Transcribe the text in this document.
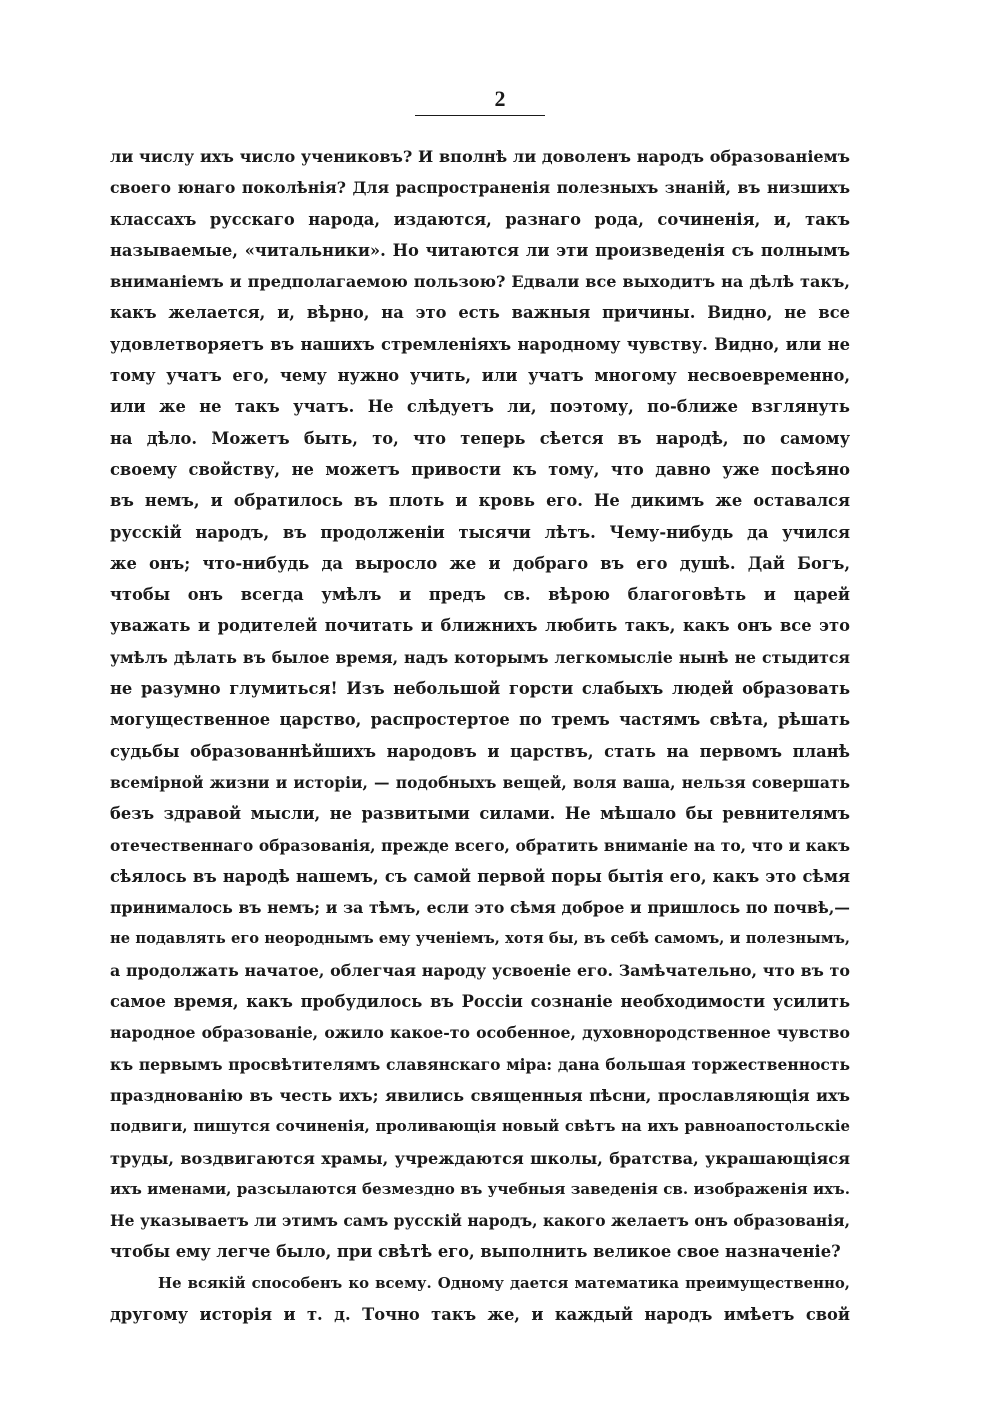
2
ли числу ихъ число учениковъ? И вполнѣ ли доволенъ народъ образованіемъ
своего юнаго поколѣнія? Для распространенія полезныхъ знаній, въ низшихъ
классахъ русскаго народа, издаются, разнаго рода, сочиненія, и, такъ
называемые, «читальники». Но читаются ли эти произведенія съ полнымъ
вниманіемъ и предполагаемою пользою? Едвали все выходитъ на дѣлѣ такъ,
какъ желается, и, вѣрно, на это есть важныя причины. Видно, не все
удовлетворяетъ въ нашихъ стремленіяхъ народному чувству. Видно, или не
тому учатъ его, чему нужно учить, или учатъ многому несвоевременно,
или же не такъ учатъ. Не слѣдуетъ ли, поэтому, по-ближе взглянуть
на дѣло. Можетъ быть, то, что теперь сѣется въ народѣ, по самому
своему свойству, не можетъ привости къ тому, что давно уже посѣяно
въ немъ, и обратилось въ плоть и кровь его. Не дикимъ же оставался
русскій народъ, въ продолженіи тысячи лѣтъ. Чему-нибудь да учился
же онъ; что-нибудь да выросло же и добраго въ его душѣ. Дай Богъ,
чтобы онъ всегда умѣлъ и предъ св. вѣрою благоговѣть и царей
уважать и родителей почитать и ближнихъ любить такъ, какъ онъ все это
умѣлъ дѣлать въ былое время, надъ которымъ легкомысліе нынѣ не стыдится
не разумно глумиться! Изъ небольшой горсти слабыхъ людей образовать
могущественное царство, распростертое по тремъ частямъ свѣта, рѣшать
судьбы образованнѣйшихъ народовъ и царствъ, стать на первомъ планѣ
всемірной жизни и исторіи, — подобныхъ вещей, воля ваша, нельзя совершать
безъ здравой мысли, не развитыми силами. Не мѣшало бы ревнителямъ
отечественнаго образованія, прежде всего, обратить вниманіе на то, что и какъ
сѣялось въ народѣ нашемъ, съ самой первой поры бытія его, какъ это сѣмя
принималось въ немъ; и за тѣмъ, если это сѣмя доброе и пришлось по почвѣ,—
не подавлять его неороднымъ ему ученіемъ, хотя бы, въ себѣ самомъ, и полезнымъ,
а продолжать начатое, облегчая народу усвоеніе его. Замѣчательно, что въ то
самое время, какъ пробудилось въ Россіи сознаніе необходимости усилить
народное образованіе, ожило какое-то особенное, духовнородственное чувство
къ первымъ просвѣтителямъ славянскаго міра: дана большая торжественность
празднованію въ честь ихъ; явились священныя пѣсни, прославляющія ихъ
подвиги, пишутся сочиненія, проливающія новый свѣтъ на ихъ равноапостольскіе
труды, воздвигаются храмы, учреждаются школы, братства, украшающіяся
ихъ именами, разсылаются безмездно въ учебныя заведенія св. изображенія ихъ.
Не указываетъ ли этимъ самъ русскій народъ, какого желаетъ онъ образованія,
чтобы ему легче было, при свѣтѣ его, выполнить великое свое назначеніе?
Не всякій способенъ ко всему. Одному дается математика преимущественно,
другому исторія и т. д. Точно такъ же, и каждый народъ имѣетъ свой
